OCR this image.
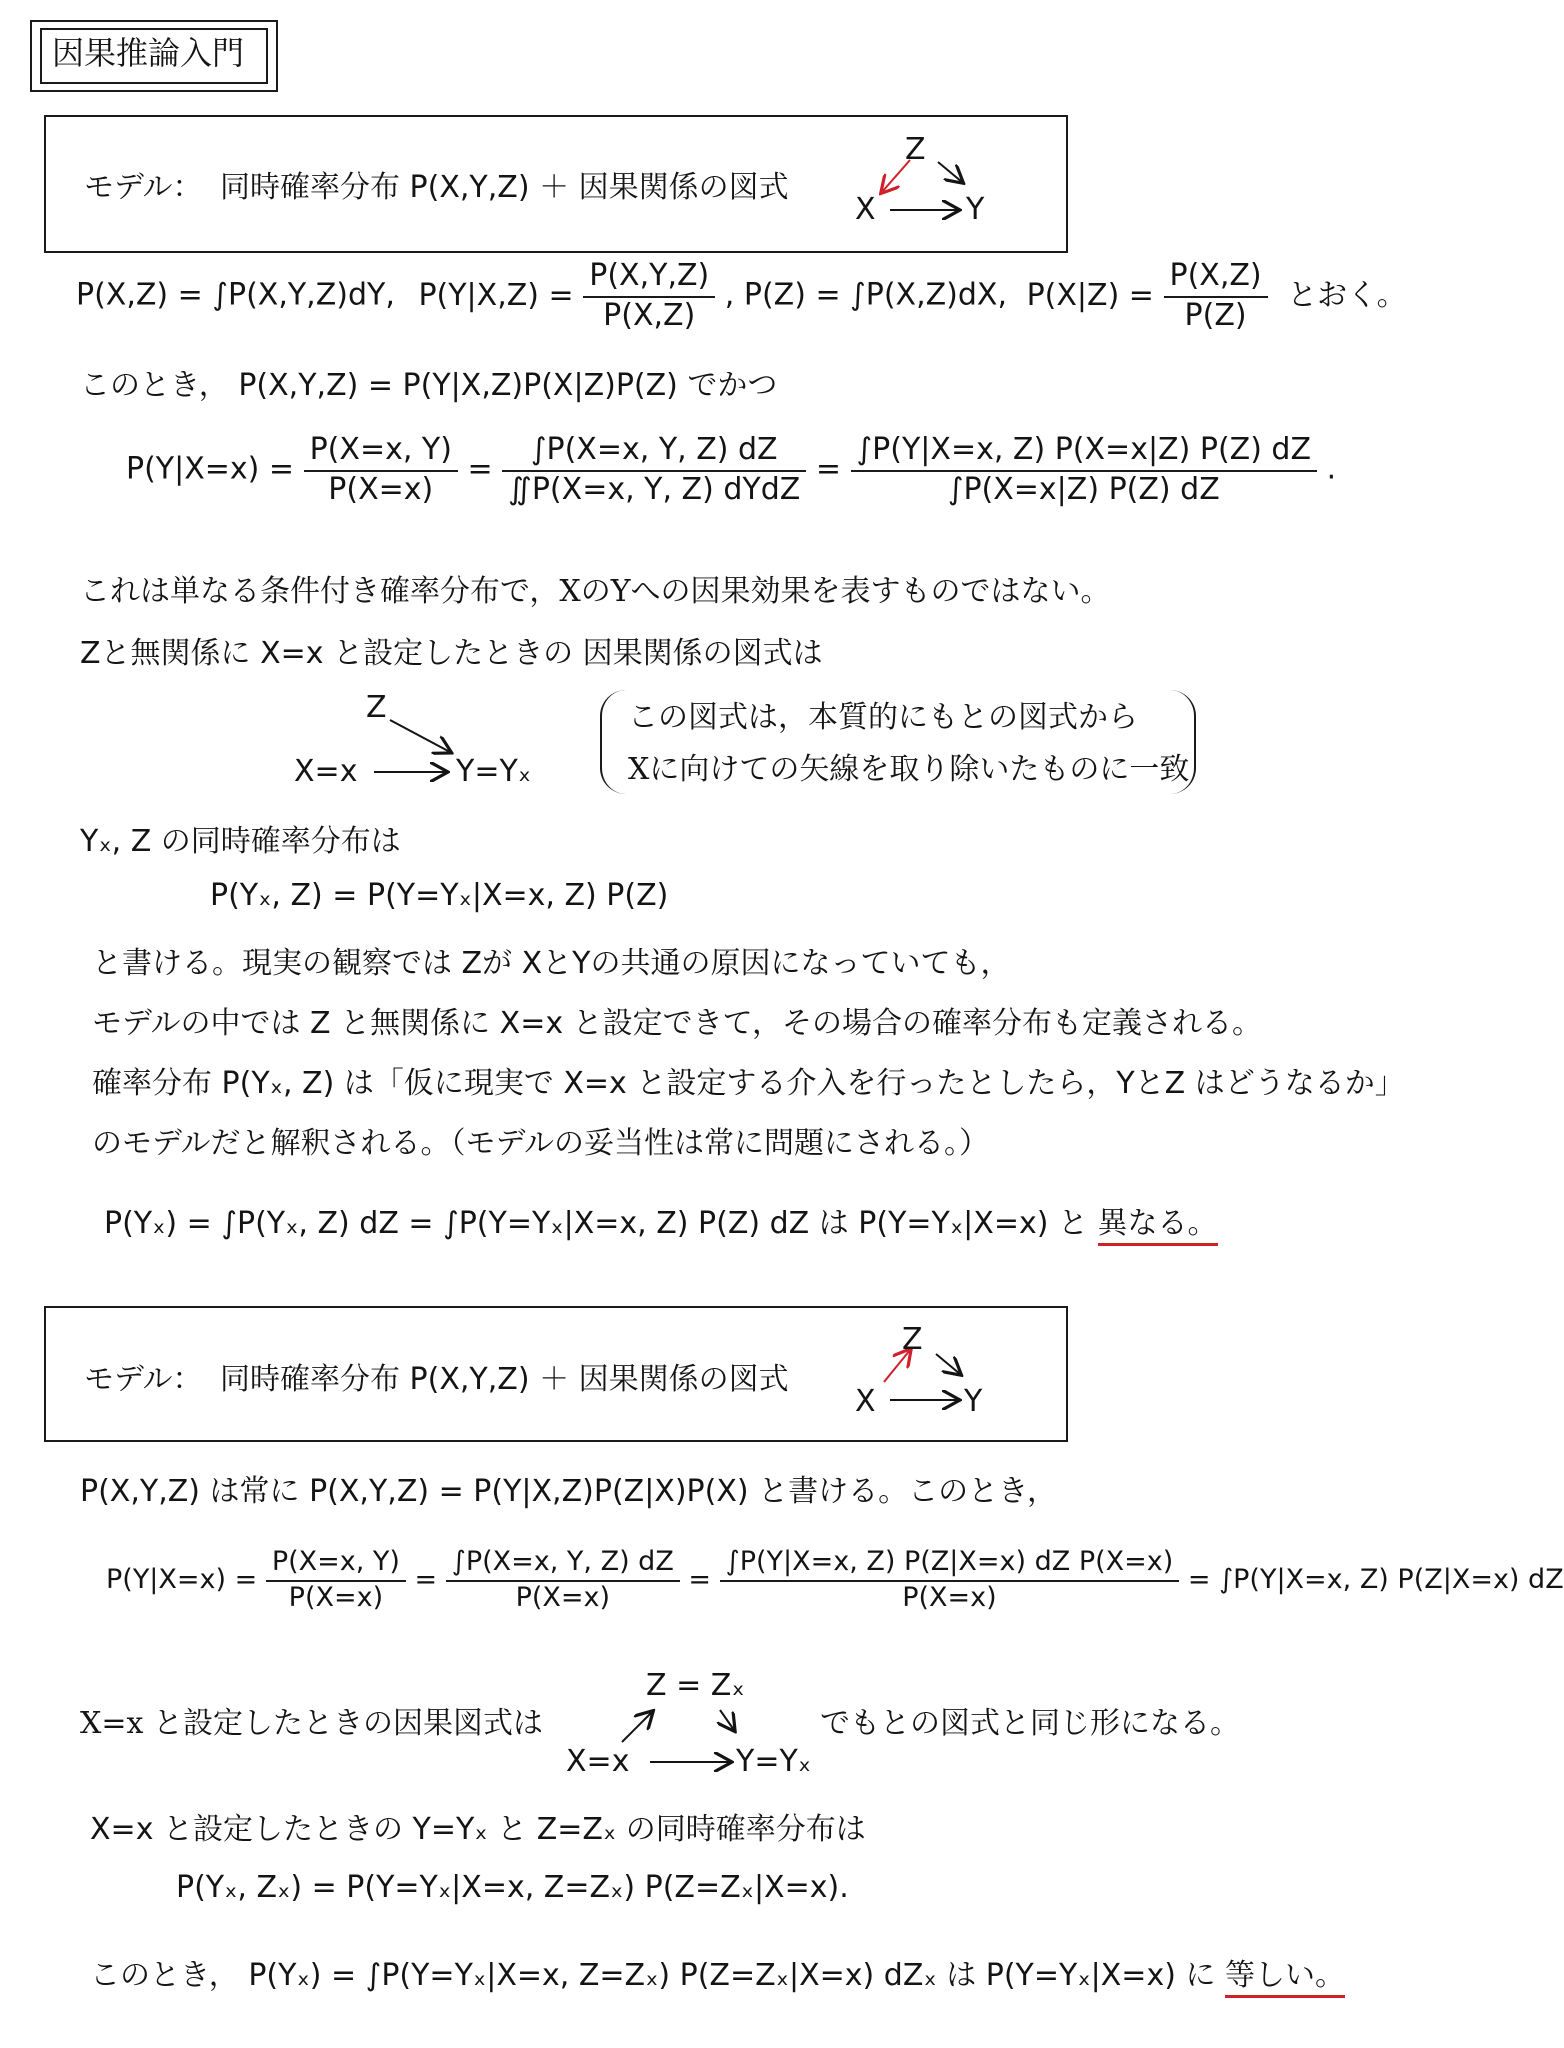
因果推論入門
モデル： 同時確率分布 P(X,Y,Z) ＋ 因果関係の図式
Z
X	Y
P(X,Z) = ∫P(X,Y,Z)dY, $P(Y|X,Z) = \frac{P(X,Y,Z)}{P(X,Z)}$ , P(Z) = ∫P(X,Z)dX, $P(X|Z) = \frac{P(X,Z)}{P(Z)}$ とおく。
このとき， P(X,Y,Z) = P(Y|X,Z)P(X|Z)P(Z) でかつ
$P(Y|X=x) = \frac{P(X=x, Y)}{P(X=x)} = \frac{\int P(X=x, Y, Z) dZ}{\text{∬P(X=x, Y, Z) dYdZ}} = \frac{\int P(Y|X=x, Z) P(X=x|Z) P(Z) dZ}{\int P(X=x|Z) P(Z) dZ}$ .
これは単なる条件付き確率分布で，XのYへの因果効果を表すものではない。
Zと無関係に X=x と設定したときの 因果関係の図式は
Z
X=x	Y=Yₓ
この図式は，本質的にもとの図式から
Xに向けての矢線を取り除いたものに一致
Yₓ, Z の同時確率分布は
P(Yₓ, Z) = P(Y=Yₓ|X=x, Z) P(Z)
と書ける。現実の観察では Zが XとYの共通の原因になっていても，
モデルの中では Z と無関係に X=x と設定できて，その場合の確率分布も定義される。
確率分布 P(Yₓ, Z) は「仮に現実で X=x と設定する介入を行ったとしたら，YとZ はどうなるか」
のモデルだと解釈される。（モデルの妥当性は常に問題にされる。）
P(Yₓ) = ∫P(Yₓ, Z) dZ = ∫P(Y=Yₓ|X=x, Z) P(Z) dZ は P(Y=Yₓ|X=x) と 異なる。
モデル： 同時確率分布 P(X,Y,Z) ＋ 因果関係の図式
Z
X	Y
P(X,Y,Z) は常に P(X,Y,Z) = P(Y|X,Z)P(Z|X)P(X) と書ける。このとき，
$P(Y|X=x) = \frac{P(X=x, Y)}{P(X=x)} = \frac{\int P(X=x, Y, Z) dZ}{P(X=x)} = \frac{\text{∫P(Y|X=x, Z) P(Z|X=x) dZ P(X=x)}}{P(X=x)} = \int P(Y|X=x$, Z) P(Z|X=x) dZ
X=x と設定したときの因果図式は
Z = Zₓ
X=x	Y=Yₓ
でもとの図式と同じ形になる。
X=x と設定したときの Y=Yₓ と Z=Zₓ の同時確率分布は
P(Yₓ, Zₓ) = P(Y=Yₓ|X=x, Z=Zₓ) P(Z=Zₓ|X=x).
このとき， P(Yₓ) = ∫P(Y=Yₓ|X=x, Z=Zₓ) P(Z=Zₓ|X=x) dZₓ は P(Y=Yₓ|X=x) に 等しい。
